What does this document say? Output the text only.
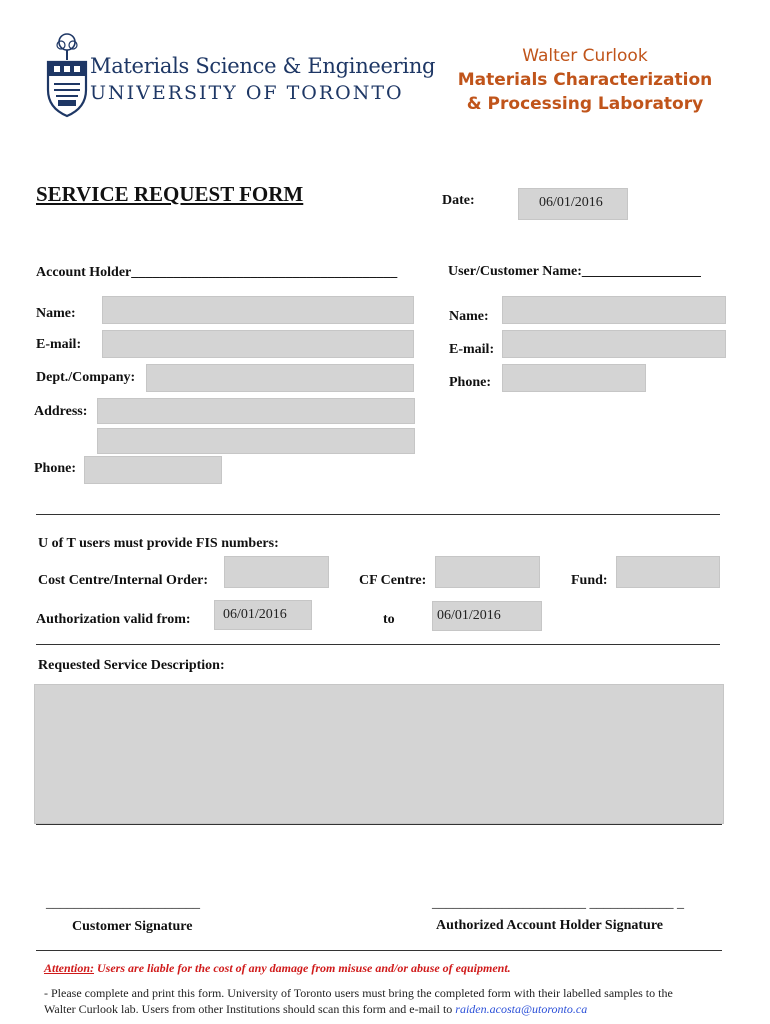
Materials Science & Engineering
UNIVERSITY OF TORONTO
Walter Curlook
Materials Characterization
& Processing Laboratory
SERVICE REQUEST FORM	Date:	06/01/2016
Account Holder______________________________________
Name:
E-mail:
Dept./Company:
Address:
Phone:
User/Customer Name:_________________
Name:
E-mail:
Phone:
U of T users must provide FIS numbers:
Cost Centre/Internal Order:	CF Centre:	Fund:
Authorization valid from:	06/01/2016	to	06/01/2016
Requested Service Description:
______________________
Customer Signature
______________________ ____________ _
Authorized Account Holder Signature
Attention: Users are liable for the cost of any damage from misuse and/or abuse of equipment.
- Please complete and print this form. University of Toronto users must bring the completed form with their labelled samples to the
Walter Curlook lab. Users from other Institutions should scan this form and e-mail to raiden.acosta@utoronto.ca
